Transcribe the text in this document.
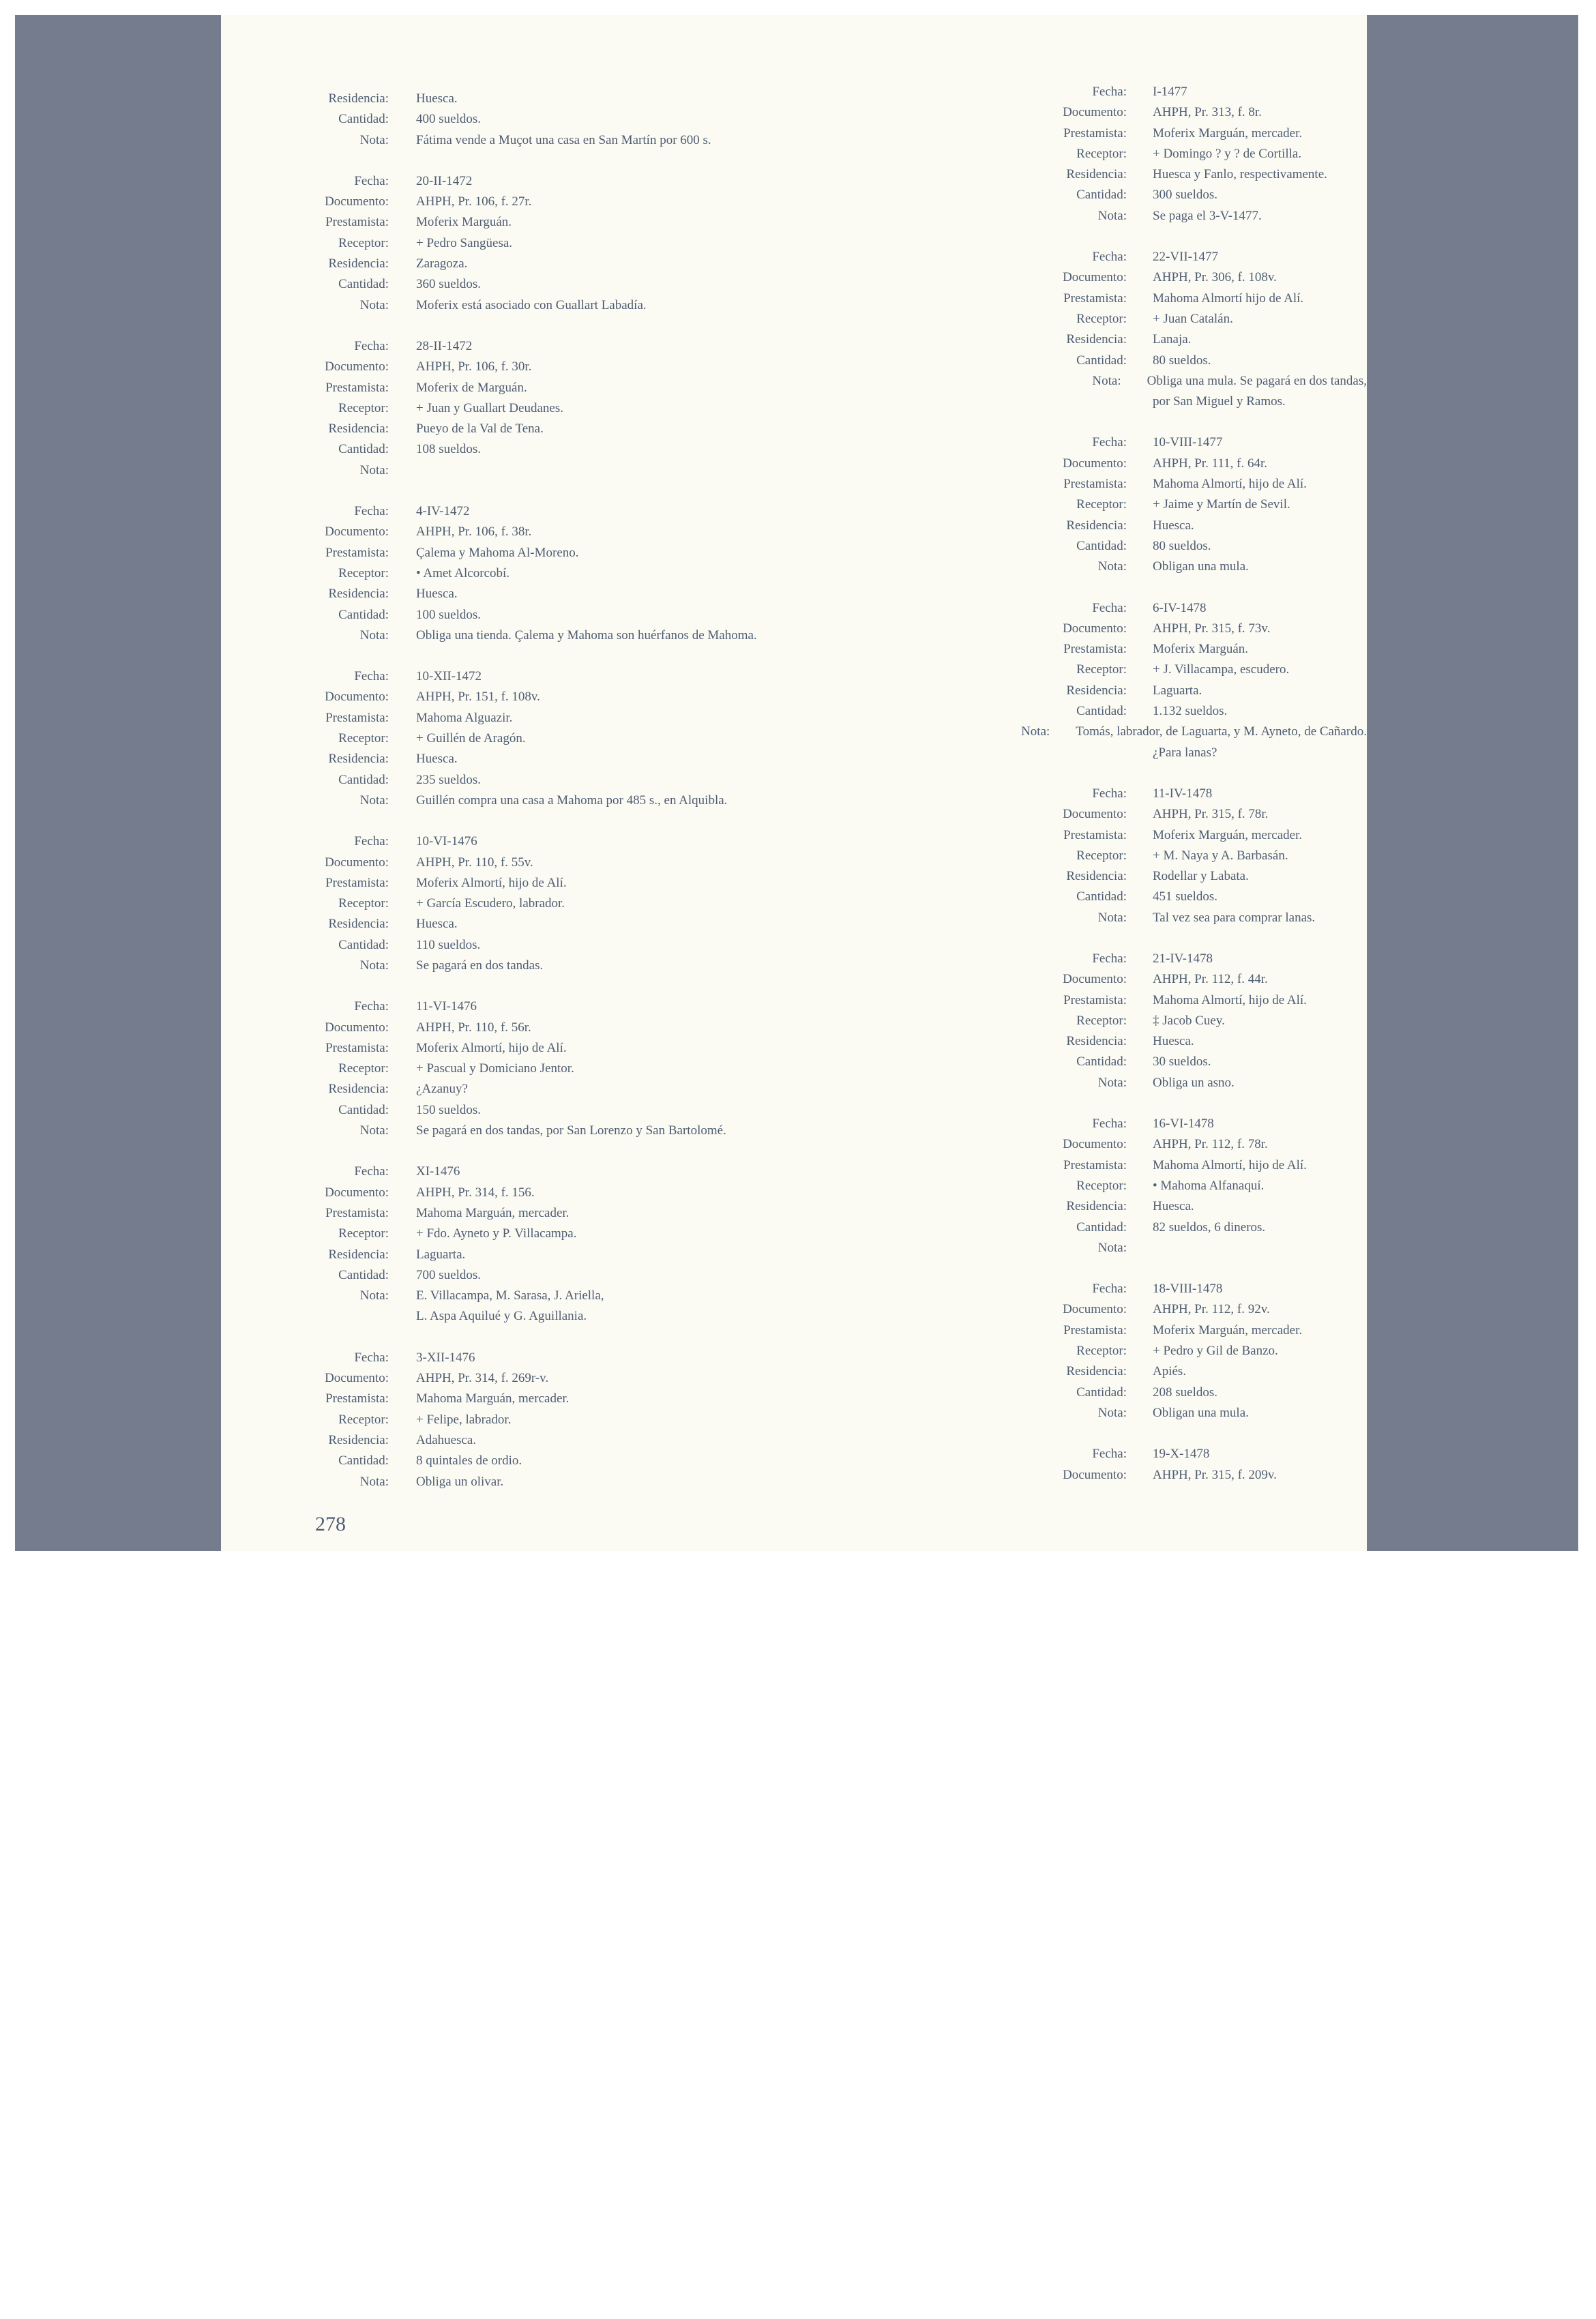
Residencia: Huesca.
Cantidad: 400 sueldos.
Nota: Fátima vende a Muçot una casa en San Martín por 600 s.
Fecha: 20-II-1472
Documento: AHPH, Pr. 106, f. 27r.
Prestamista: Moferix Marguán.
Receptor: + Pedro Sangüesa.
Residencia: Zaragoza.
Cantidad: 360 sueldos.
Nota: Moferix está asociado con Guallart Labadía.
Fecha: 28-II-1472
Documento: AHPH, Pr. 106, f. 30r.
Prestamista: Moferix de Marguán.
Receptor: + Juan y Guallart Deudanes.
Residencia: Pueyo de la Val de Tena.
Cantidad: 108 sueldos.
Nota:
Fecha: 4-IV-1472
Documento: AHPH, Pr. 106, f. 38r.
Prestamista: Çalema y Mahoma Al-Moreno.
Receptor: • Amet Alcorcobí.
Residencia: Huesca.
Cantidad: 100 sueldos.
Nota: Obliga una tienda. Çalema y Mahoma son huérfanos de Mahoma.
Fecha: 10-XII-1472
Documento: AHPH, Pr. 151, f. 108v.
Prestamista: Mahoma Alguazir.
Receptor: + Guillén de Aragón.
Residencia: Huesca.
Cantidad: 235 sueldos.
Nota: Guillén compra una casa a Mahoma por 485 s., en Alquibla.
Fecha: 10-VI-1476
Documento: AHPH, Pr. 110, f. 55v.
Prestamista: Moferix Almortí, hijo de Alí.
Receptor: + García Escudero, labrador.
Residencia: Huesca.
Cantidad: 110 sueldos.
Nota: Se pagará en dos tandas.
Fecha: 11-VI-1476
Documento: AHPH, Pr. 110, f. 56r.
Prestamista: Moferix Almortí, hijo de Alí.
Receptor: + Pascual y Domiciano Jentor.
Residencia: ¿Azanuy?
Cantidad: 150 sueldos.
Nota: Se pagará en dos tandas, por San Lorenzo y San Bartolomé.
Fecha: XI-1476
Documento: AHPH, Pr. 314, f. 156.
Prestamista: Mahoma Marguán, mercader.
Receptor: + Fdo. Ayneto y P. Villacampa.
Residencia: Laguarta.
Cantidad: 700 sueldos.
Nota: E. Villacampa, M. Sarasa, J. Ariella,
L. Aspa Aquilué y G. Aguillania.
Fecha: 3-XII-1476
Documento: AHPH, Pr. 314, f. 269r-v.
Prestamista: Mahoma Marguán, mercader.
Receptor: + Felipe, labrador.
Residencia: Adahuesca.
Cantidad: 8 quintales de ordio.
Nota: Obliga un olivar.
Fecha: I-1477
Documento: AHPH, Pr. 313, f. 8r.
Prestamista: Moferix Marguán, mercader.
Receptor: + Domingo ? y ? de Cortilla.
Residencia: Huesca y Fanlo, respectivamente.
Cantidad: 300 sueldos.
Nota: Se paga el 3-V-1477.
Fecha: 22-VII-1477
Documento: AHPH, Pr. 306, f. 108v.
Prestamista: Mahoma Almortí hijo de Alí.
Receptor: + Juan Catalán.
Residencia: Lanaja.
Cantidad: 80 sueldos.
Nota: Obliga una mula. Se pagará en dos tandas,
por San Miguel y Ramos.
Fecha: 10-VIII-1477
Documento: AHPH, Pr. 111, f. 64r.
Prestamista: Mahoma Almortí, hijo de Alí.
Receptor: + Jaime y Martín de Sevil.
Residencia: Huesca.
Cantidad: 80 sueldos.
Nota: Obligan una mula.
Fecha: 6-IV-1478
Documento: AHPH, Pr. 315, f. 73v.
Prestamista: Moferix Marguán.
Receptor: + J. Villacampa, escudero.
Residencia: Laguarta.
Cantidad: 1.132 sueldos.
Nota: Tomás, labrador, de Laguarta, y M. Ayneto, de Cañardo.
¿Para lanas?
Fecha: 11-IV-1478
Documento: AHPH, Pr. 315, f. 78r.
Prestamista: Moferix Marguán, mercader.
Receptor: + M. Naya y A. Barbasán.
Residencia: Rodellar y Labata.
Cantidad: 451 sueldos.
Nota: Tal vez sea para comprar lanas.
Fecha: 21-IV-1478
Documento: AHPH, Pr. 112, f. 44r.
Prestamista: Mahoma Almortí, hijo de Alí.
Receptor: ‡ Jacob Cuey.
Residencia: Huesca.
Cantidad: 30 sueldos.
Nota: Obliga un asno.
Fecha: 16-VI-1478
Documento: AHPH, Pr. 112, f. 78r.
Prestamista: Mahoma Almortí, hijo de Alí.
Receptor: • Mahoma Alfanaquí.
Residencia: Huesca.
Cantidad: 82 sueldos, 6 dineros.
Nota:
Fecha: 18-VIII-1478
Documento: AHPH, Pr. 112, f. 92v.
Prestamista: Moferix Marguán, mercader.
Receptor: + Pedro y Gil de Banzo.
Residencia: Apiés.
Cantidad: 208 sueldos.
Nota: Obligan una mula.
Fecha: 19-X-1478
Documento: AHPH, Pr. 315, f. 209v.
278
